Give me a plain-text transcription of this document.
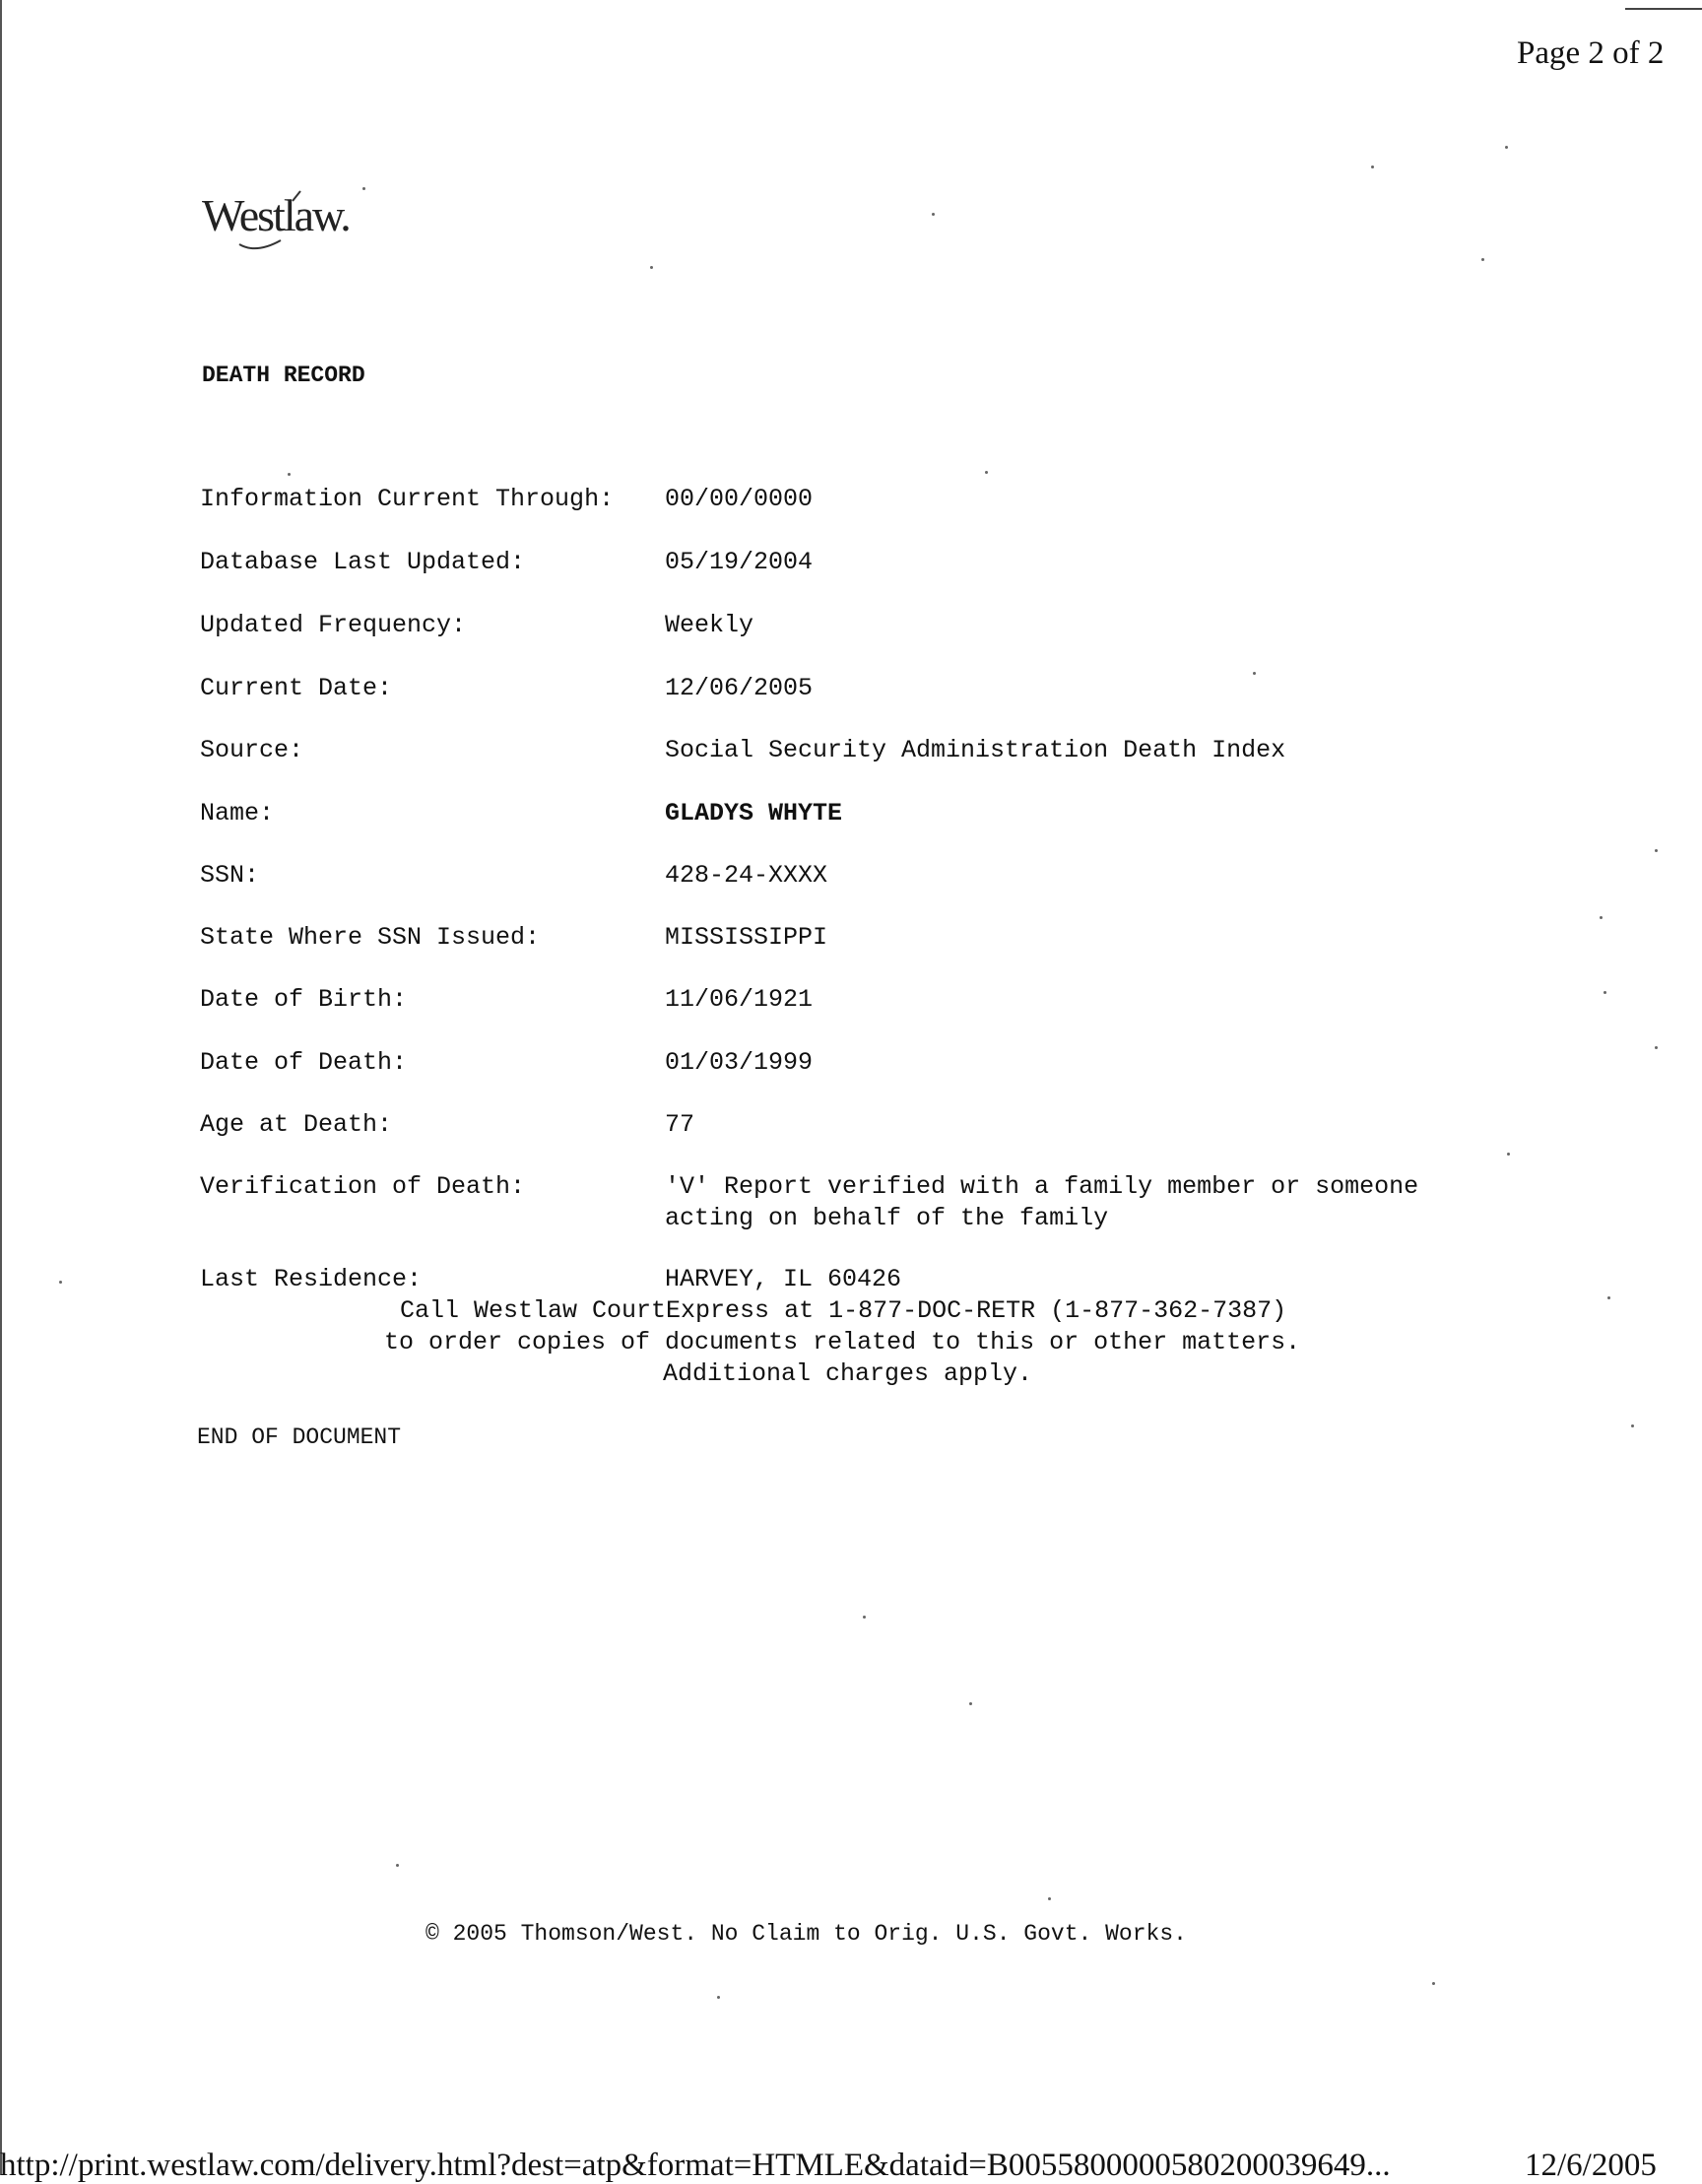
Page 2 of 2

Westlaw.

DEATH RECORD
Information Current Through: 00/00/0000
Database Last Updated:	05/19/2004
Updated Frequency:	Weekly
Current Date:	12/06/2005
Source:	Social Security Administration Death Index
Name:	GLADYS WHYTE
SSN:	428-24-XXXX
State Where SSN Issued:	MISSISSIPPI
Date of Birth:	11/06/1921
Date of Death:	01/03/1999
Age at Death:	77
Verification of Death:	'V' Report verified with a family member or someone
acting on behalf of the family
Last Residence:	HARVEY, IL 60426
Call Westlaw CourtExpress at 1-877-DOC-RETR (1-877-362-7387)
to order copies of documents related to this or other matters.
Additional charges apply.
END OF DOCUMENT
© 2005 Thomson/West. No Claim to Orig. U.S. Govt. Works.
http://print.westlaw.com/delivery.html?dest=atp&format=HTMLE&dataid=B0055800000580200039649...	12/6/2005
